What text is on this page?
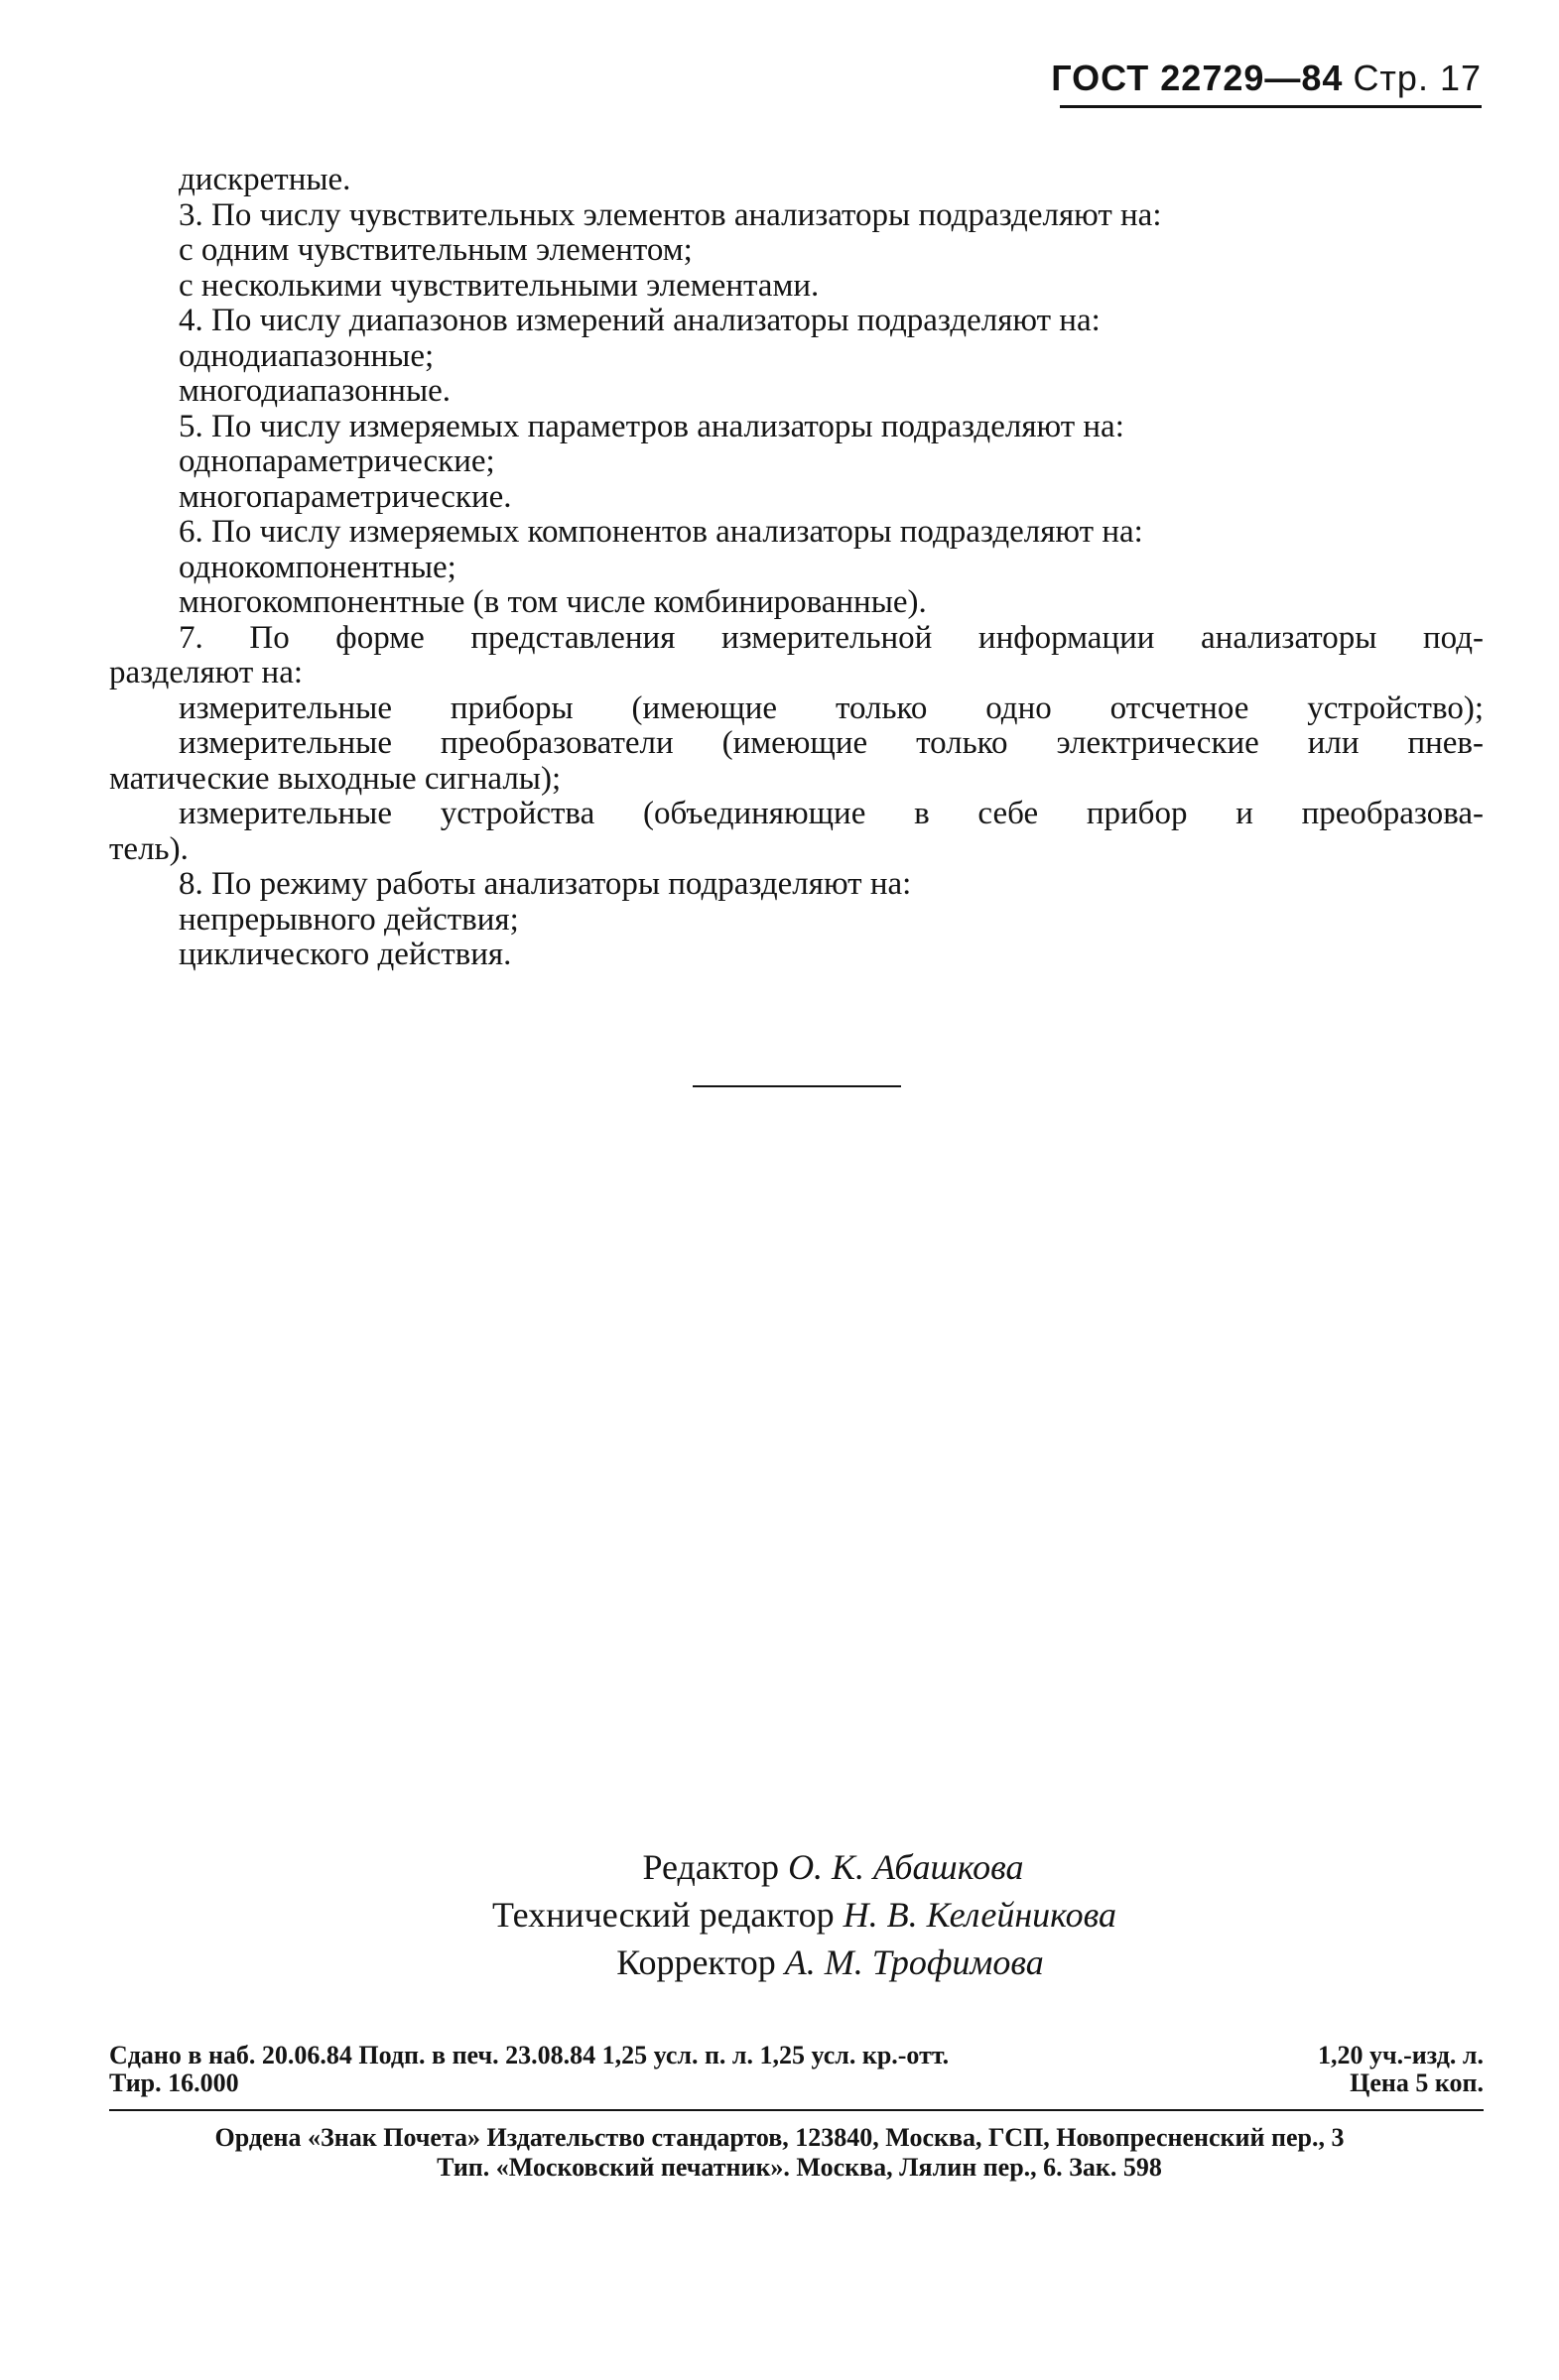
ГОСТ 22729—84 Стр. 17
дискретные.
3. По числу чувствительных элементов анализаторы подразделяют на:
с одним чувствительным элементом;
с несколькими чувствительными элементами.
4. По числу диапазонов измерений анализаторы подразделяют на:
однодиапазонные;
многодиапазонные.
5. По числу измеряемых параметров анализаторы подразделяют на:
однопараметрические;
многопараметрические.
6. По числу измеряемых компонентов анализаторы подразделяют на:
однокомпонентные;
многокомпонентные (в том числе комбинированные).
7. По форме представления измерительной информации анализаторы под-
разделяют на:
измерительные приборы (имеющие только одно отсчетное устройство);
измерительные преобразователи (имеющие только электрические или пнев-
матические выходные сигналы);
измерительные устройства (объединяющие в себе прибор и преобразова-
тель).
8. По режиму работы анализаторы подразделяют на:
непрерывного действия;
циклического действия.
Редактор О. К. Абашкова
Технический редактор Н. В. Келейникова
Корректор А. М. Трофимова
Сдано в наб. 20.06.84 Подп. в печ. 23.08.84 1,25 усл. п. л. 1,25 усл. кр.-отт.	1,20 уч.-изд. л.
Тир. 16.000	Цена 5 коп.
Ордена «Знак Почета» Издательство стандартов, 123840, Москва, ГСП, Новопресненский пер., 3
Тип. «Московский печатник». Москва, Лялин пер., 6. Зак. 598
